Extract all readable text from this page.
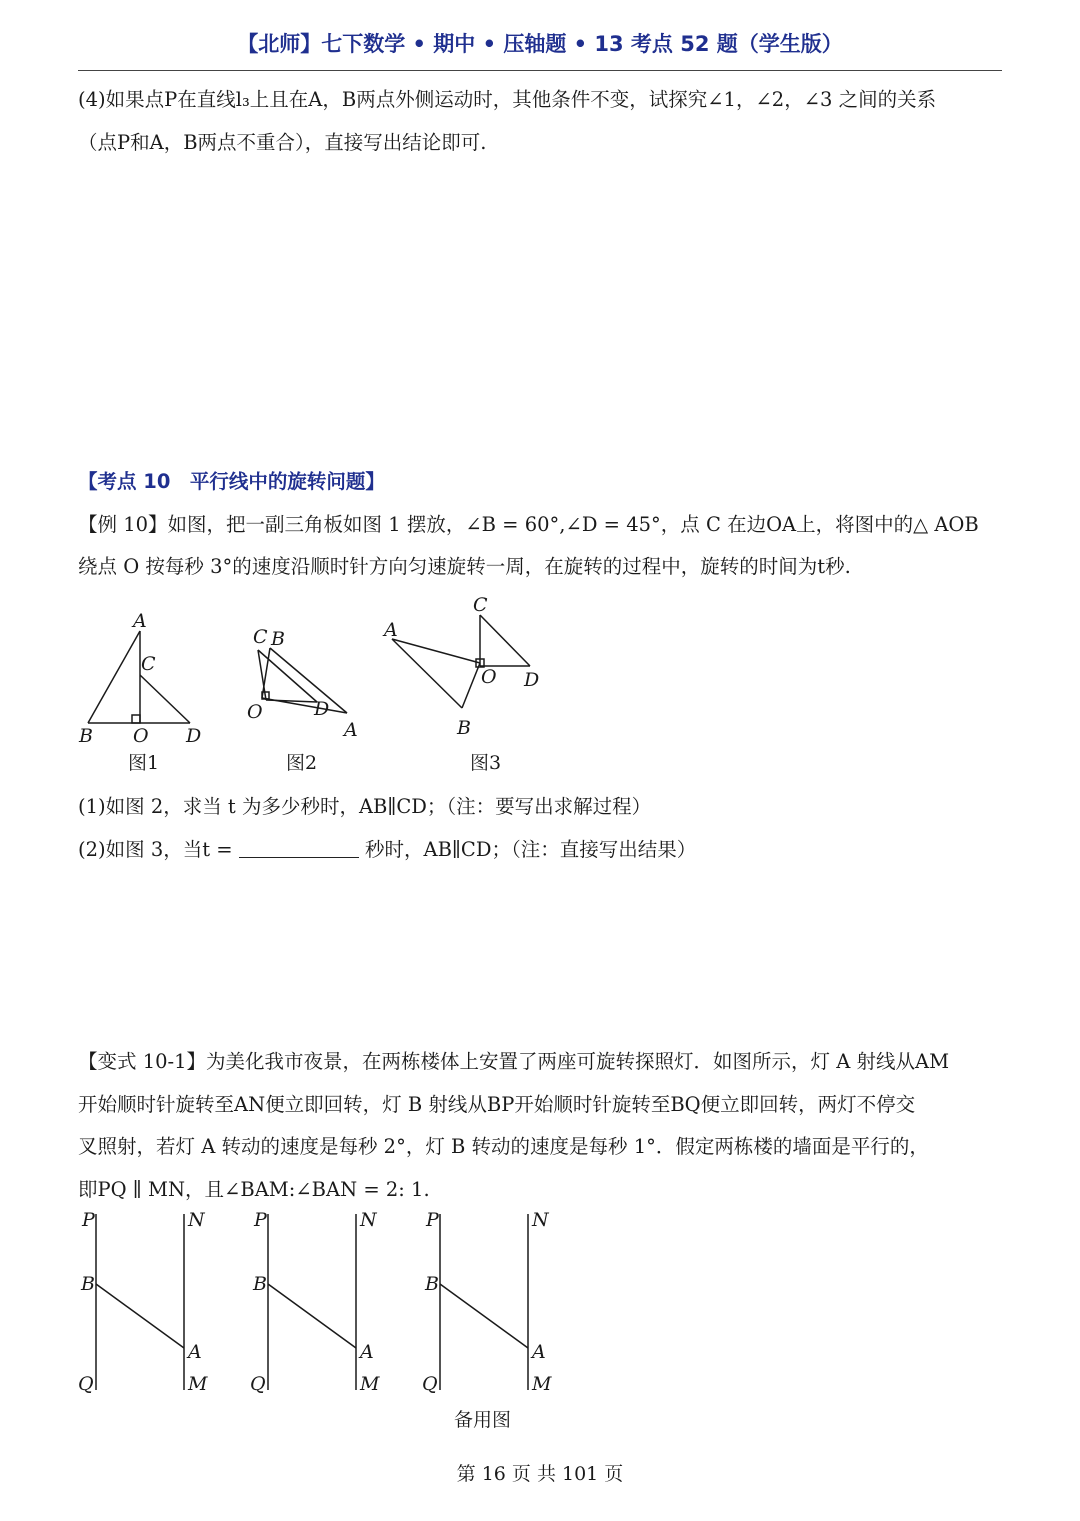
【北师】七下数学 • 期中 • 压轴题 • 13 考点 52 题（学生版）
(4)如果点P在直线l₃上且在A，B两点外侧运动时，其他条件不变，试探究∠1，∠2，∠3 之间的关系
（点P和A，B两点不重合），直接写出结论即可.
【考点 10　平行线中的旋转问题】
【例 10】如图，把一副三角板如图 1 摆放，∠B = 60°,∠D = 45°，点 C 在边OA上，将图中的△ AOB
绕点 O 按每秒 3°的速度沿顺时针方向匀速旋转一周，在旋转的过程中，旋转的时间为t秒.
A
C
B O D
C B
O	D
A
C
A
O D
B
图1	图2	图3
(1)如图 2，求当 t 为多少秒时，AB∥CD；（注：要写出求解过程）
(2)如图 3，当t =	秒时，AB∥CD；（注：直接写出结果）
【变式 10-1】为美化我市夜景，在两栋楼体上安置了两座可旋转探照灯．如图所示，灯 A 射线从AM
开始顺时针旋转至AN便立即回转，灯 B 射线从BP开始顺时针旋转至BQ便立即回转，两灯不停交
叉照射，若灯 A 转动的速度是每秒 2°，灯 B 转动的速度是每秒 1°．假定两栋楼的墙面是平行的，
即PQ ∥ MN，且∠BAM:∠BAN = 2: 1.
P	N
B
A
Q	M
P	N
B
A
Q	M
P	N
B
A
Q	M
备用图
第 16 页 共 101 页
